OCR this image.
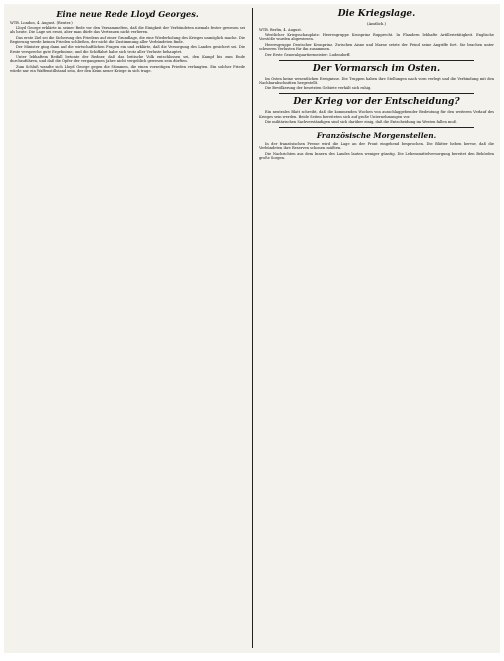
Eine neue Rede Lloyd Georges.
WTB. London, 4. August. (Reuter.)

Lloyd George erklärte in seiner Rede vor den Versammelten, daß die Einigkeit der Verbündeten niemals fester gewesen sei als heute. Die Lage sei ernst, aber man dürfe das Vertrauen nicht verlieren.

Das erste Ziel sei die Sicherung des Friedens auf einer Grundlage, die eine Wiederholung des Krieges unmöglich mache. Die Regierung werde keinen Frieden schließen, der nicht die Zustimmung aller Verbündeten finde.

Der Minister ging dann auf die wirtschaftlichen Fragen ein und erklärte, daß die Versorgung des Landes gesichert sei. Die Ernte verspreche gute Ergebnisse, und die Schiffahrt habe sich trotz aller Verluste behauptet.

Unter lebhaftem Beifall betonte der Redner, daß das britische Volk entschlossen sei, den Kampf bis zum Ende durchzuführen, und daß die Opfer der vergangenen Jahre nicht vergeblich gewesen sein dürften.

Zum Schluß wandte sich Lloyd George gegen die Stimmen, die einen vorzeitigen Frieden verlangten. Ein solcher Friede würde nur ein Waffenstillstand sein, der den Keim neuer Kriege in sich trage.

Die Kriegslage.
(Amtlich.)
WTB. Berlin, 4. August.

Westlicher Kriegsschauplatz: Heeresgruppe Kronprinz Rupprecht. In Flandern lebhafte Artillerietätigkeit. Englische Vorstöße wurden abgewiesen.

Heeresgruppe Deutscher Kronprinz. Zwischen Aisne und Marne setzte der Feind seine Angriffe fort. Sie brachen unter schweren Verlusten für ihn zusammen.

Der Erste Generalquartiermeister: Ludendorff.

Der Vormarsch im Osten.

Im Osten keine wesentlichen Ereignisse. Die Truppen haben ihre Stellungen nach vorn verlegt und die Verbindung mit den Nachbarabschnitten hergestellt.

Die Bevölkerung der besetzten Gebiete verhält sich ruhig.

Der Krieg vor der Entscheidung?

Ein neutrales Blatt schreibt, daß die kommenden Wochen von ausschlaggebender Bedeutung für den weiteren Verlauf des Krieges sein werden. Beide Seiten bereiteten sich auf große Unternehmungen vor.

Die militärischen Sachverständigen sind sich darüber einig, daß die Entscheidung im Westen fallen muß.

Französische Morgenstellen.

In der französischen Presse wird die Lage an der Front eingehend besprochen. Die Blätter heben hervor, daß die Verbündeten ihre Reserven schonen müßten.

Die Nachrichten aus dem Innern des Landes lauten weniger günstig. Die Lebensmittelversorgung bereitet den Behörden große Sorgen.
